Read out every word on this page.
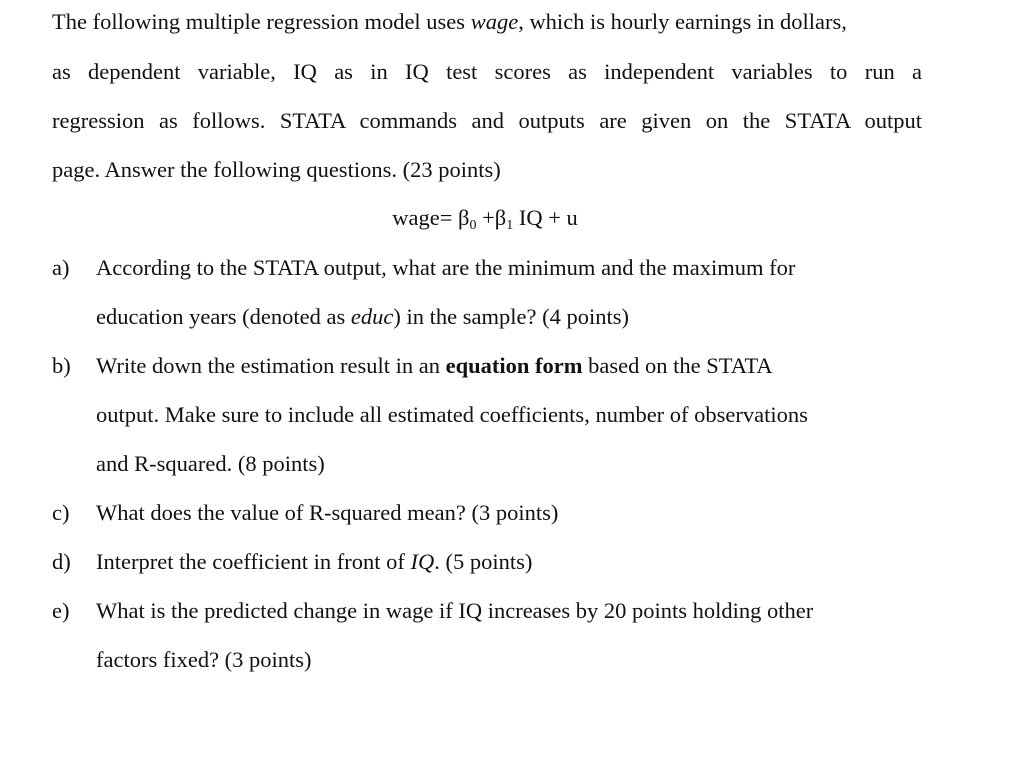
The following multiple regression model uses wage, which is hourly earnings in dollars,
as dependent variable, IQ as in IQ test scores as independent variables to run a
regression as follows. STATA commands and outputs are given on the STATA output
page. Answer the following questions. (23 points)
wage= $\beta_0 +\beta_1$ IQ + u
a) According to the STATA output, what are the minimum and the maximum for
education years (denoted as educ) in the sample? (4 points)
b) Write down the estimation result in an equation form based on the STATA
output. Make sure to include all estimated coefficients, number of observations
and R-squared. (8 points)
c) What does the value of R-squared mean? (3 points)
d) Interpret the coefficient in front of IQ. (5 points)
e) What is the predicted change in wage if IQ increases by 20 points holding other
factors fixed? (3 points)
